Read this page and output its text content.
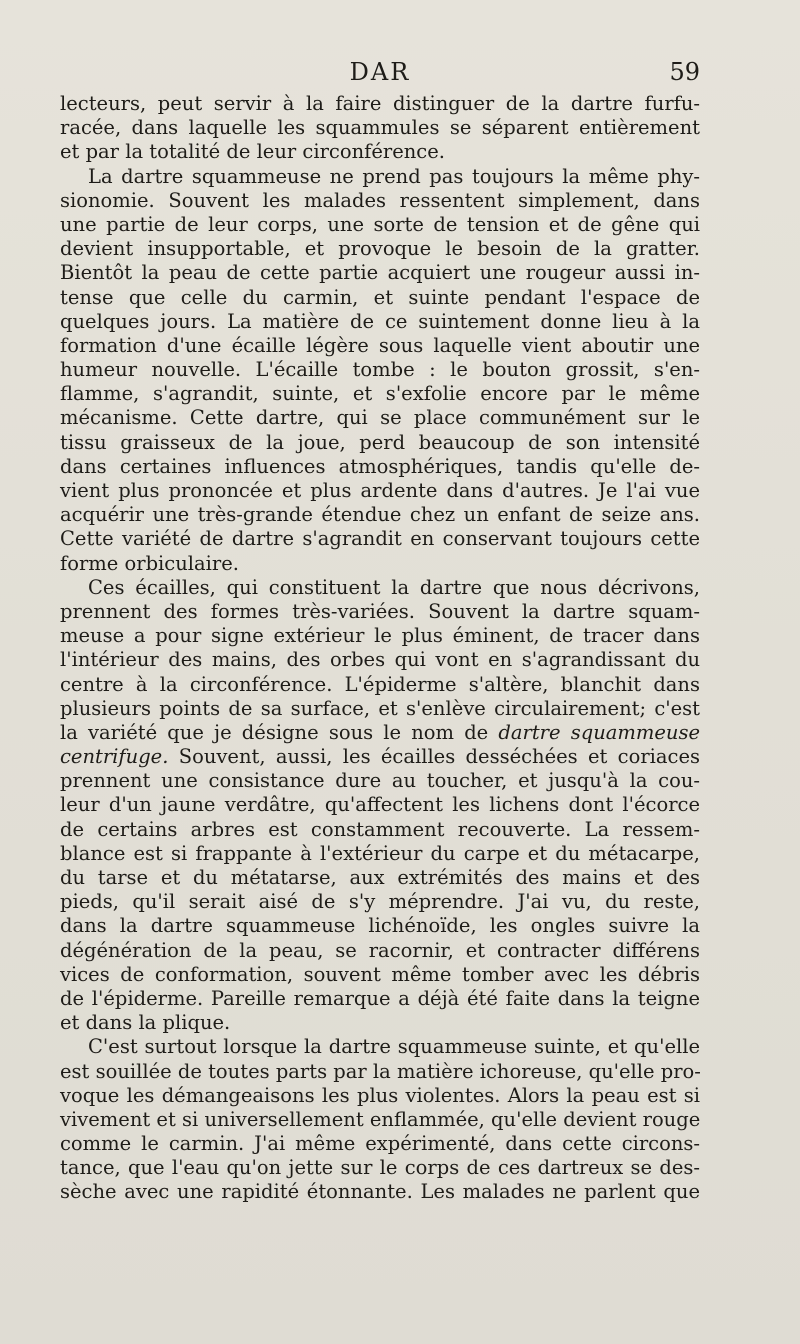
DAR	59
lecteurs, peut servir à la faire distinguer de la dartre furfu-
racée, dans laquelle les squammules se séparent entièrement
et par la totalité de leur circonférence.
La dartre squammeuse ne prend pas toujours la même phy-
sionomie. Souvent les malades ressentent simplement, dans
une partie de leur corps, une sorte de tension et de gêne qui
devient insupportable, et provoque le besoin de la gratter.
Bientôt la peau de cette partie acquiert une rougeur aussi in-
tense que celle du carmin, et suinte pendant l'espace de
quelques jours. La matière de ce suintement donne lieu à la
formation d'une écaille légère sous laquelle vient aboutir une
humeur nouvelle. L'écaille tombe : le bouton grossit, s'en-
flamme, s'agrandit, suinte, et s'exfolie encore par le même
mécanisme. Cette dartre, qui se place communément sur le
tissu graisseux de la joue, perd beaucoup de son intensité
dans certaines influences atmosphériques, tandis qu'elle de-
vient plus prononcée et plus ardente dans d'autres. Je l'ai vue
acquérir une très-grande étendue chez un enfant de seize ans.
Cette variété de dartre s'agrandit en conservant toujours cette
forme orbiculaire.
Ces écailles, qui constituent la dartre que nous décrivons,
prennent des formes très-variées. Souvent la dartre squam-
meuse a pour signe extérieur le plus éminent, de tracer dans
l'intérieur des mains, des orbes qui vont en s'agrandissant du
centre à la circonférence. L'épiderme s'altère, blanchit dans
plusieurs points de sa surface, et s'enlève circulairement; c'est
la variété que je désigne sous le nom de dartre squammeuse
centrifuge. Souvent, aussi, les écailles desséchées et coriaces
prennent une consistance dure au toucher, et jusqu'à la cou-
leur d'un jaune verdâtre, qu'affectent les lichens dont l'écorce
de certains arbres est constamment recouverte. La ressem-
blance est si frappante à l'extérieur du carpe et du métacarpe,
du tarse et du métatarse, aux extrémités des mains et des
pieds, qu'il serait aisé de s'y méprendre. J'ai vu, du reste,
dans la dartre squammeuse lichénoïde, les ongles suivre la
dégénération de la peau, se racornir, et contracter différens
vices de conformation, souvent même tomber avec les débris
de l'épiderme. Pareille remarque a déjà été faite dans la teigne
et dans la plique.
C'est surtout lorsque la dartre squammeuse suinte, et qu'elle
est souillée de toutes parts par la matière ichoreuse, qu'elle pro-
voque les démangeaisons les plus violentes. Alors la peau est si
vivement et si universellement enflammée, qu'elle devient rouge
comme le carmin. J'ai même expérimenté, dans cette circons-
tance, que l'eau qu'on jette sur le corps de ces dartreux se des-
sèche avec une rapidité étonnante. Les malades ne parlent que
